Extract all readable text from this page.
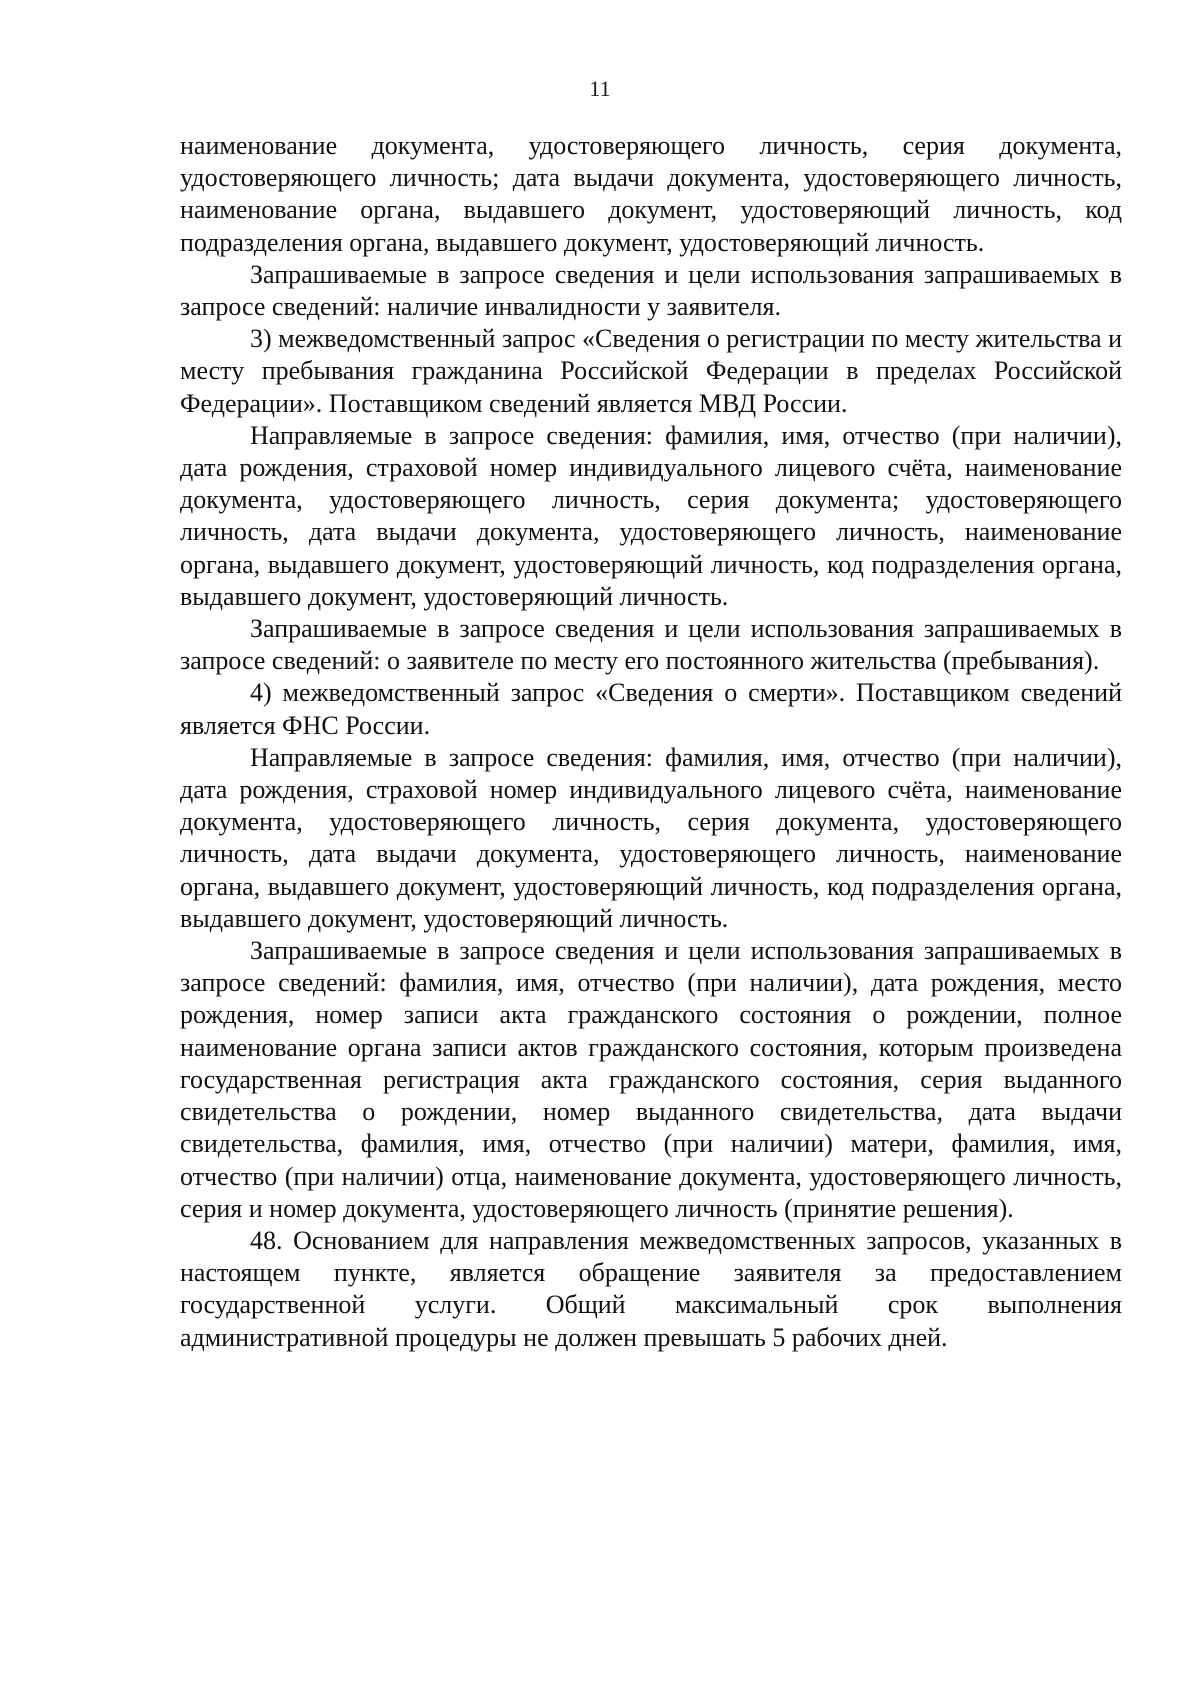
11

наименование документа, удостоверяющего личность, серия документа, удостоверяющего личность; дата выдачи документа, удостоверяющего личность, наименование органа, выдавшего документ, удостоверяющий личность, код подразделения органа, выдавшего документ, удостоверяющий личность.

Запрашиваемые в запросе сведения и цели использования запрашиваемых в запросе сведений: наличие инвалидности у заявителя.

3) межведомственный запрос «Сведения о регистрации по месту жительства и месту пребывания гражданина Российской Федерации в пределах Российской Федерации». Поставщиком сведений является МВД России.

Направляемые в запросе сведения: фамилия, имя, отчество (при наличии), дата рождения, страховой номер индивидуального лицевого счёта, наименование документа, удостоверяющего личность, серия документа; удостоверяющего личность, дата выдачи документа, удостоверяющего личность, наименование органа, выдавшего документ, удостоверяющий личность, код подразделения органа, выдавшего документ, удостоверяющий личность.

Запрашиваемые в запросе сведения и цели использования запрашиваемых в запросе сведений: о заявителе по месту его постоянного жительства (пребывания).

4) межведомственный запрос «Сведения о смерти». Поставщиком сведений является ФНС России.

Направляемые в запросе сведения: фамилия, имя, отчество (при наличии), дата рождения, страховой номер индивидуального лицевого счёта, наименование документа, удостоверяющего личность, серия документа, удостоверяющего личность, дата выдачи документа, удостоверяющего личность, наименование органа, выдавшего документ, удостоверяющий личность, код подразделения органа, выдавшего документ, удостоверяющий личность.

Запрашиваемые в запросе сведения и цели использования запрашиваемых в запросе сведений: фамилия, имя, отчество (при наличии), дата рождения, место рождения, номер записи акта гражданского состояния о рождении, полное наименование органа записи актов гражданского состояния, которым произведена государственная регистрация акта гражданского состояния, серия выданного свидетельства о рождении, номер выданного свидетельства, дата выдачи свидетельства, фамилия, имя, отчество (при наличии) матери, фамилия, имя, отчество (при наличии) отца, наименование документа, удостоверяющего личность, серия и номер документа, удостоверяющего личность (принятие решения).

48. Основанием для направления межведомственных запросов, указанных в настоящем пункте, является обращение заявителя за предоставлением государственной услуги. Общий максимальный срок выполнения административной процедуры не должен превышать 5 рабочих дней.
